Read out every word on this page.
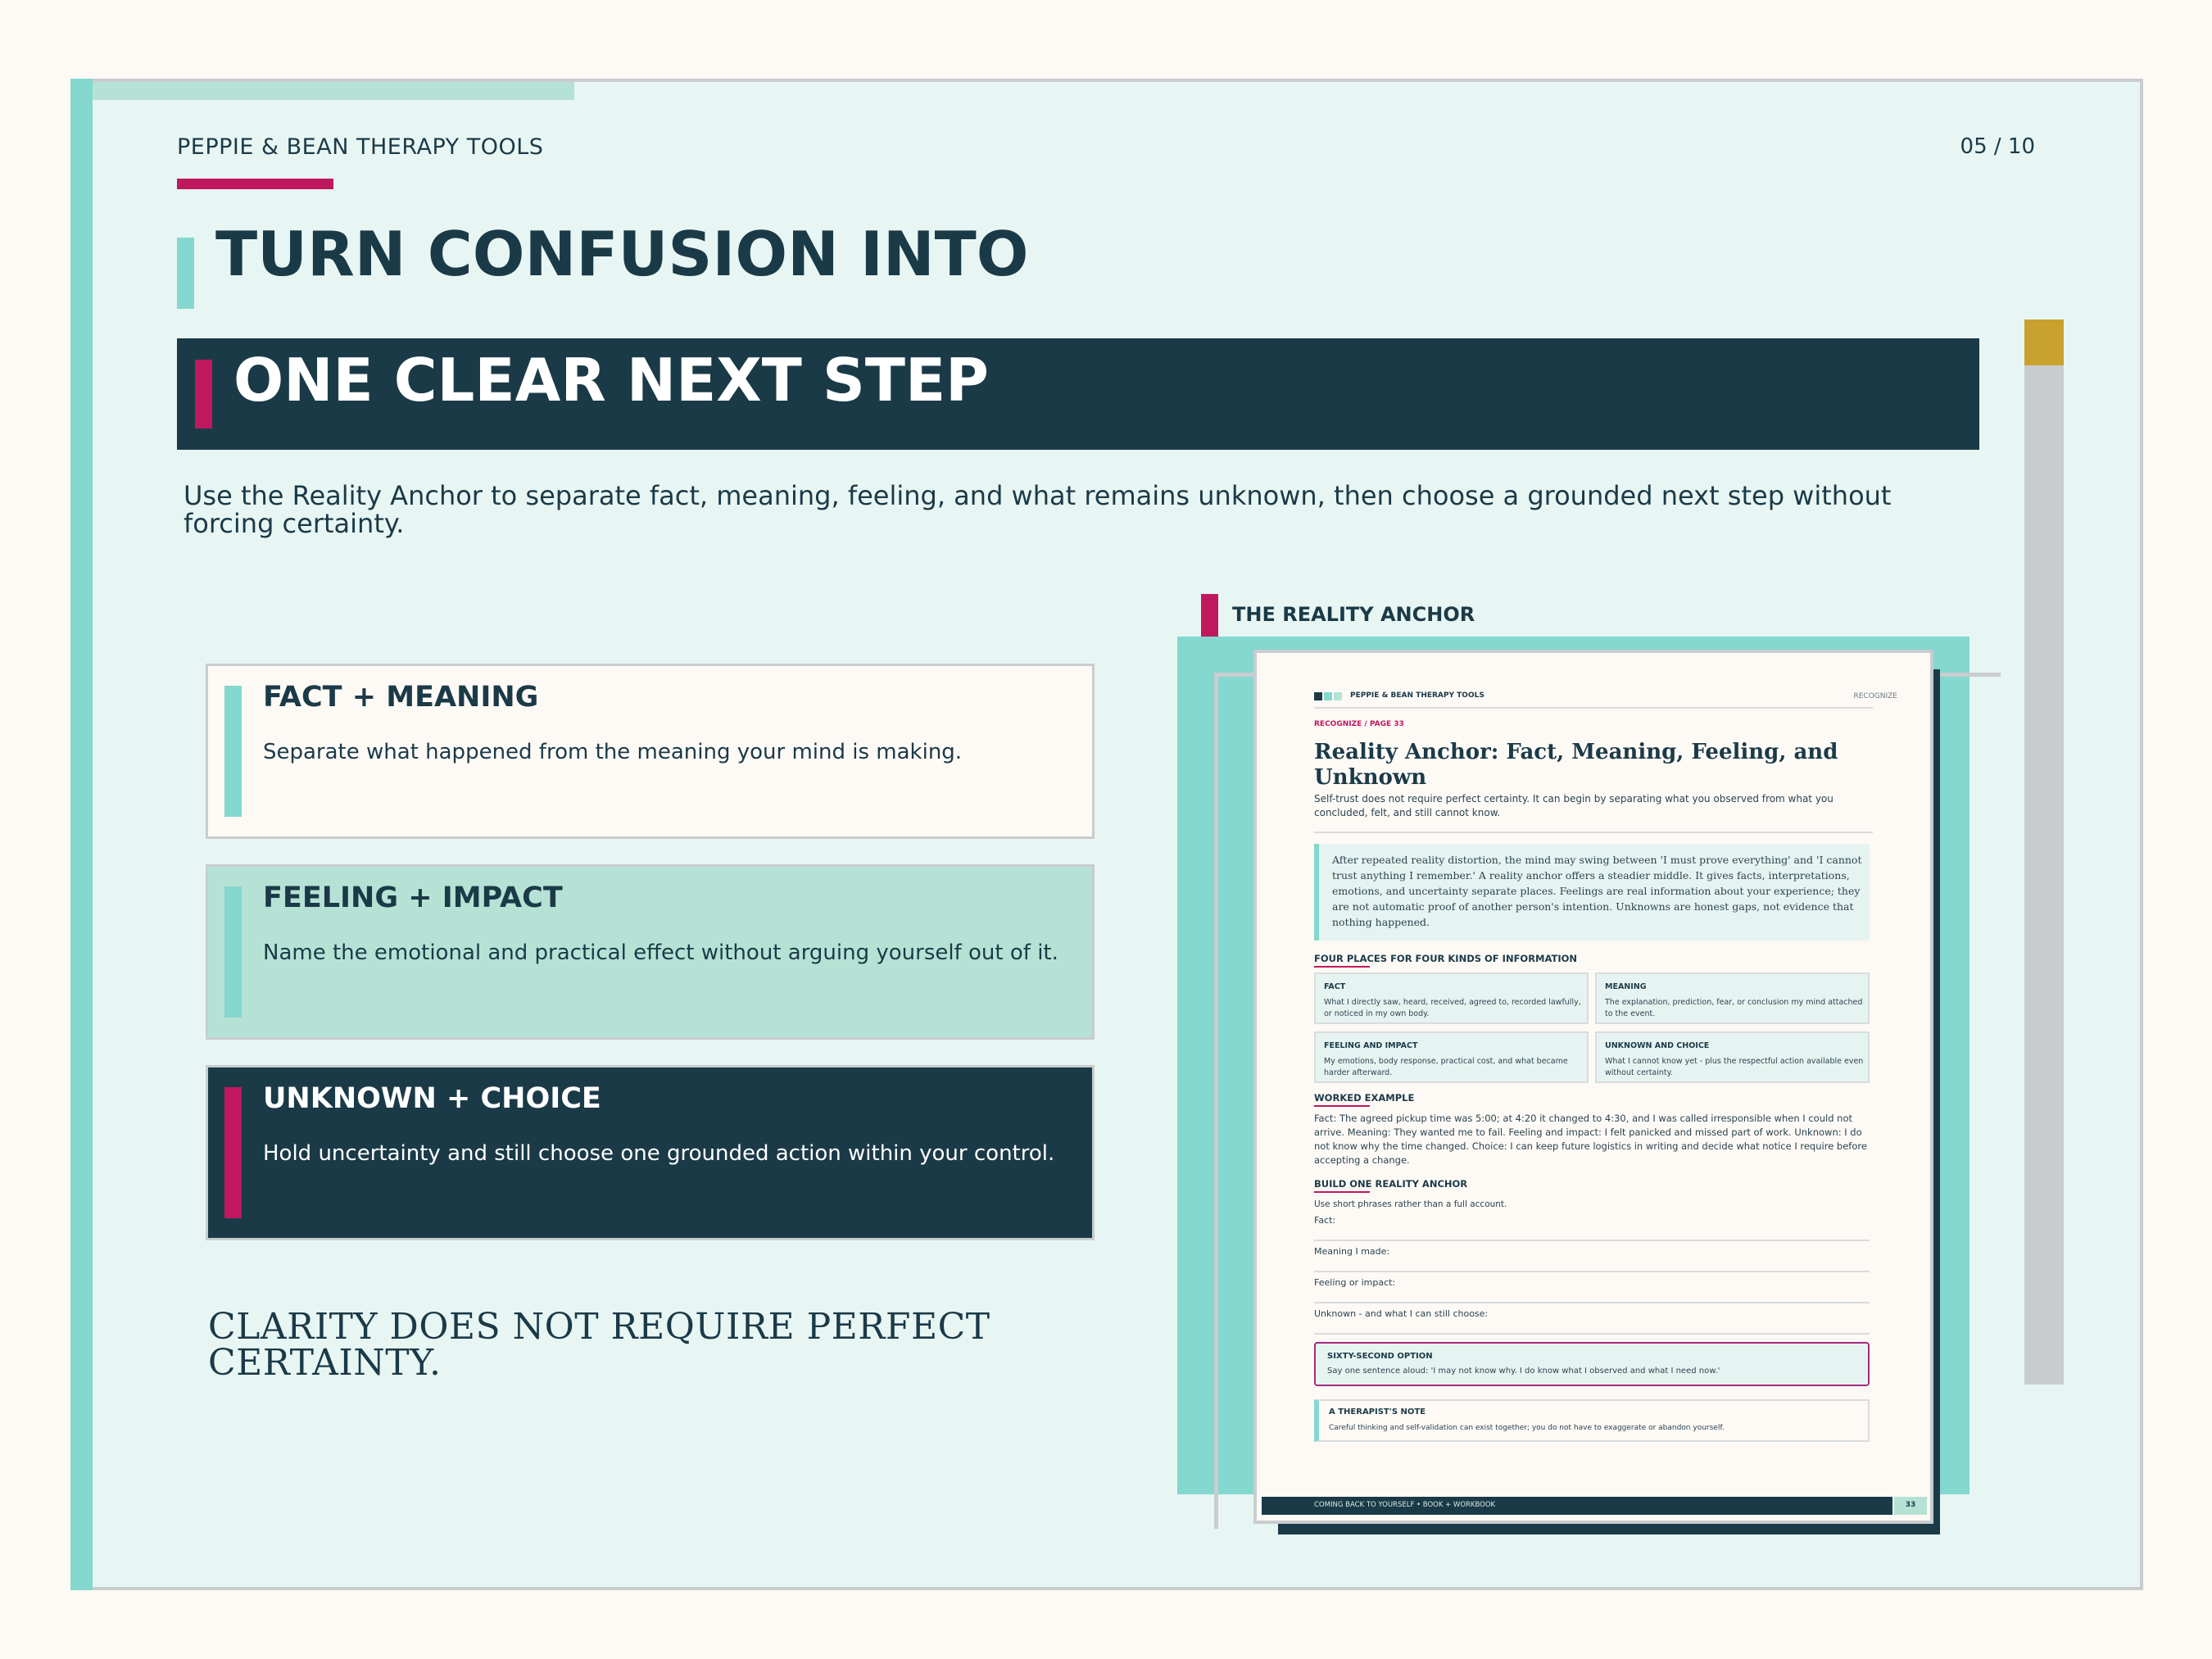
PEPPIE & BEAN THERAPY TOOLS	05 / 10
TURN CONFUSION INTO
ONE CLEAR NEXT STEP
Use the Reality Anchor to separate fact, meaning, feeling, and what remains unknown, then choose a grounded next step without forcing certainty.
FACT + MEANING
Separate what happened from the meaning your mind is making.
FEELING + IMPACT
Name the emotional and practical effect without arguing yourself out of it.
UNKNOWN + CHOICE
Hold uncertainty and still choose one grounded action within your control.
CLARITY DOES NOT REQUIRE PERFECT CERTAINTY.
THE REALITY ANCHOR
PEPPIE & BEAN THERAPY TOOLS	RECOGNIZE
RECOGNIZE / PAGE 33
Reality Anchor: Fact, Meaning, Feeling, and Unknown
Self-trust does not require perfect certainty. It can begin by separating what you observed from what you concluded, felt, and still cannot know.

After repeated reality distortion, the mind may swing between 'I must prove everything' and 'I cannot trust anything I remember.' A reality anchor offers a steadier middle. It gives facts, interpretations, emotions, and uncertainty separate places. Feelings are real information about your experience; they are not automatic proof of another person's intention. Unknowns are honest gaps, not evidence that nothing happened.

FOUR PLACES FOR FOUR KINDS OF INFORMATION
FACT
What I directly saw, heard, received, agreed to, recorded lawfully, or noticed in my own body.
MEANING
The explanation, prediction, fear, or conclusion my mind attached to the event.
FEELING AND IMPACT
My emotions, body response, practical cost, and what became harder afterward.
UNKNOWN AND CHOICE
What I cannot know yet - plus the respectful action available even without certainty.
WORKED EXAMPLE
Fact: The agreed pickup time was 5:00; at 4:20 it changed to 4:30, and I was called irresponsible when I could not arrive. Meaning: They wanted me to fail. Feeling and impact: I felt panicked and missed part of work. Unknown: I do not know why the time changed. Choice: I can keep future logistics in writing and decide what notice I require before accepting a change.
BUILD ONE REALITY ANCHOR
Use short phrases rather than a full account.
Fact:
Meaning I made:
Feeling or impact:
Unknown - and what I can still choose:
SIXTY-SECOND OPTION
Say one sentence aloud: 'I may not know why. I do know what I observed and what I need now.'
A THERAPIST'S NOTE
Careful thinking and self-validation can exist together; you do not have to exaggerate or abandon yourself.
COMING BACK TO YOURSELF • BOOK + WORKBOOK	33
